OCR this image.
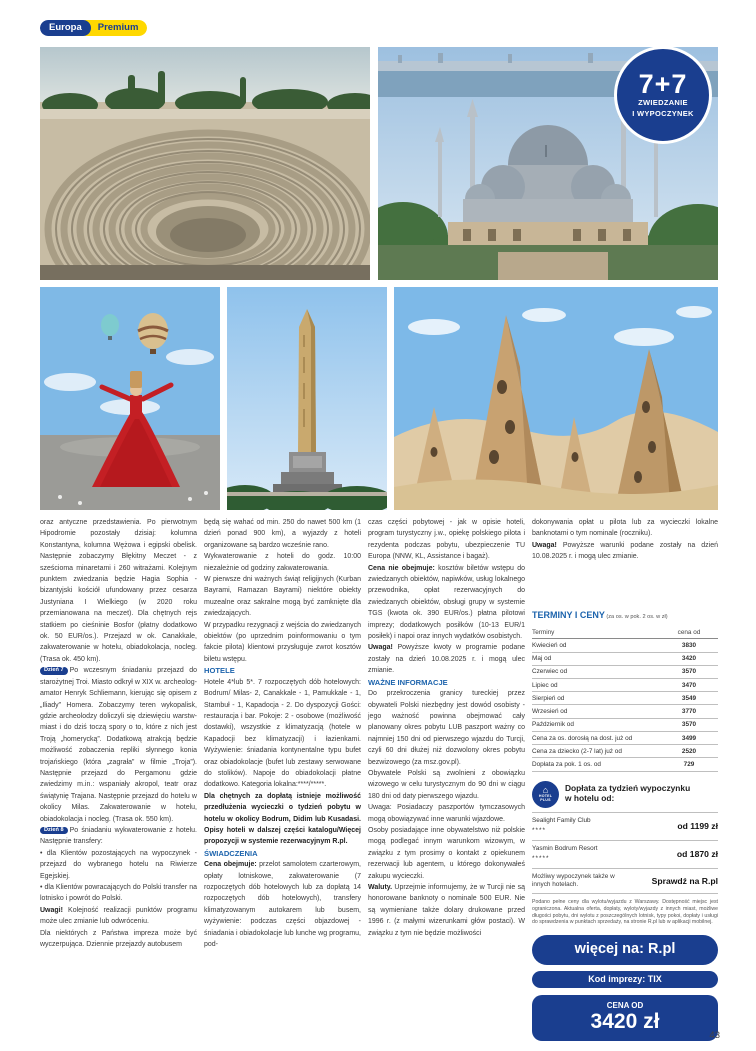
Europa	Premium
7+7
ZWIEDZANIE
I WYPOCZYNEK

oraz antyczne przedstawienia. Po pierwotnym Hipodromie pozostały dzisiaj: kolumna Konstantyna, kolumna Wężowa i egipski obelisk. Następnie zobaczymy Błękitny Meczet - z sześcioma minaretami i 260 witrażami. Kolejnym punktem zwiedzania będzie Hagia Sophia - bizantyjski kościół ufundowany przez cesarza Justyniana I Wielkiego (w 2020 roku przemianowana na meczet). Dla chętnych rejs statkiem po cieśninie Bosfor (płatny dodatkowo ok. 50 EUR/os.). Przejazd w ok. Canakkale, zakwaterowanie w hotelu, obiadokolacja, nocleg. (Trasa ok. 450 km).

Dzień 7 Po wczesnym śniadaniu przejazd do starożytnej Troi. Miasto odkrył w XIX w. archeolog-amator Henryk Schliemann, kierując się opisem z „Iliady” Homera. Zobaczymy teren wykopalisk, gdzie archeolodzy doliczyli się dziewięciu warstw-miast i do dziś toczą spory o to, które z nich jest Troją „homerycką”. Dodatkową atrakcją będzie możliwość zobaczenia repliki słynnego konia trojańskiego (która „zagrała” w filmie „Troja”). Następnie przejazd do Pergamonu gdzie zwiedzimy m.in.: wspaniały akropol, teatr oraz świątynię Trajana. Następnie przejazd do hotelu w okolicy Milas. Zakwaterowanie w hotelu, obiadokolacja i nocleg. (Trasa ok. 550 km).

Dzień 8 Po śniadaniu wykwaterowanie z hotelu. Następnie transfery:

• dla Klientów pozostających na wypoczynek - przejazd do wybranego hotelu na Riwierze Egejskiej.

• dla Klientów powracających do Polski transfer na lotnisko i powrót do Polski.

Uwagi! Kolejność realizacji punktów programu może ulec zmianie lub odwróceniu.

Dla niektórych z Państwa impreza może być wyczerpująca. Dziennie przejazdy autobusem

będą się wahać od min. 250 do nawet 500 km (1 dzień ponad 900 km), a wyjazdy z hoteli organizowane są bardzo wcześnie rano.

Wykwaterowanie z hoteli do godz. 10:00 niezależnie od godziny zakwaterowania.

W pierwsze dni ważnych świąt religijnych (Kurban Bayrami, Ramazan Bayrami) niektóre obiekty muzealne oraz sakralne mogą być zamknięte dla zwiedzających.

W przypadku rezygnacji z wejścia do zwiedzanych obiektów (po uprzednim poinformowaniu o tym fakcie pilota) klientowi przysługuje zwrot kosztów biletu wstępu.

HOTELE

Hotele 4*lub 5*. 7 rozpoczętych dób hotelowych: Bodrum/ Milas- 2, Canakkale - 1, Pamukkale - 1, Stambuł - 1, Kapadocja - 2. Do dyspozycji Gości: restauracja i bar. Pokoje: 2 - osobowe (możliwość dostawki), wszystkie z klimatyzacją (hotele w Kapadocji bez klimatyzacji) i łazienkami. Wyżywienie: śniadania kontynentalne typu bufet oraz obiadokolacje (bufet lub zestawy serwowane do stolików). Napoje do obiadokolacji płatne dodatkowo. Kategoria lokalna:****/*****.

Dla chętnych za dopłatą istnieje możliwość przedłużenia wycieczki o tydzień pobytu w hotelu w okolicy Bodrum, Didim lub Kusadasi. Opisy hoteli w dalszej części katalogu/Więcej propozycji w systemie rezerwacyjnym R.pl.

ŚWIADCZENIA

Cena obejmuje: przelot samolotem czarterowym, opłaty lotniskowe, zakwaterowanie (7 rozpoczętych dób hotelowych lub za dopłatą 14 rozpoczętych dób hotelowych), transfery klimatyzowanym autokarem lub busem, wyżywienie: podczas części objazdowej - śniadania i obiadokolacje lub lunche wg programu, pod-

czas części pobytowej - jak w opisie hoteli, program turystyczny j.w., opiekę polskiego pilota i rezydenta podczas pobytu, ubezpieczenie TU Europa (NNW, KL, Assistance i bagaż).

Cena nie obejmuje: kosztów biletów wstępu do zwiedzanych obiektów, napiwków, usług lokalnego przewodnika, opłat rezerwacyjnych do zwiedzanych obiektów, obsługi grupy w systemie TGS (kwota ok. 390 EUR/os.) płatna pilotowi imprezy; dodatkowych posiłków (10-13 EUR/1 posiłek) i napoi oraz innych wydatków osobistych.

Uwaga! Powyższe kwoty w programie podane zostały na dzień 10.08.2025 r. i mogą ulec zmianie.

WAŻNE INFORMACJE

Do przekroczenia granicy tureckiej przez obywateli Polski niezbędny jest dowód osobisty - jego ważność powinna obejmować cały planowany okres pobytu LUB paszport ważny co najmniej 150 dni od pierwszego wjazdu do Turcji, czyli 60 dni dłużej niż dozwolony okres pobytu bezwizowego (za msz.gov.pl).

Obywatele Polski są zwolnieni z obowiązku wizowego w celu turystycznym do 90 dni w ciągu 180 dni od daty pierwszego wjazdu.

Uwaga: Posiadaczy paszportów tymczasowych mogą obowiązywać inne warunki wjazdowe.

Osoby posiadające inne obywatelstwo niż polskie mogą podlegać innym warunkom wizowym, w związku z tym prosimy o kontakt z opiekunem rezerwacji lub agentem, u którego dokonywałeś zakupu wycieczki.

Waluty. Uprzejmie informujemy, że w Turcji nie są honorowane banknoty o nominale 500 EUR. Nie są wymieniane także dolary drukowane przed 1996 r. (z małymi wizerunkami głów postaci). W związku z tym nie będzie możliwości

dokonywania opłat u pilota lub za wycieczki lokalne banknotami o tym nominale (roczniku).

Uwaga! Powyższe warunki podane zostały na dzień 10.08.2025 r. i mogą ulec zmianie.

TERMINY I CENY (za os. w pok. 2 os. w zł)
Terminy	cena od
Kwiecień od	3830
Maj od	3420
Czerwiec od	3570
Lipiec od	3470
Sierpień od	3549
Wrzesień od	3770
Październik od	3570
Cena za os. dorosłą na dost. już od	3499
Cena za dziecko (2-7 lat) już od	2520
Dopłata za pok. 1 os. od	729
⌂
HOTEL
PLUS
Dopłata za tydzień wypoczynku
w hotelu od:
Sealight Family Club
****	od 1199 zł
Yasmin Bodrum Resort
*****	od 1870 zł
Możliwy wypoczynek także w innych hotelach.	Sprawdź na R.pl

Podano pełne ceny dla wylotu/wyjazdu z Warszawy. Dostępność miejsc jest ograniczona. Aktualna oferta, dopłaty, wyloty/wyjazdy z innych miast, możliwe długości pobytu, dni wylotu z poszczególnych lotnisk, typy pokoi, dopłaty i usługi do sprawdzenia w punktach sprzedaży, na stronie R.pl lub w aplikacji mobilnej.

więcej na: R.pl
Kod imprezy: TIX
CENA OD
3420 zł
43
